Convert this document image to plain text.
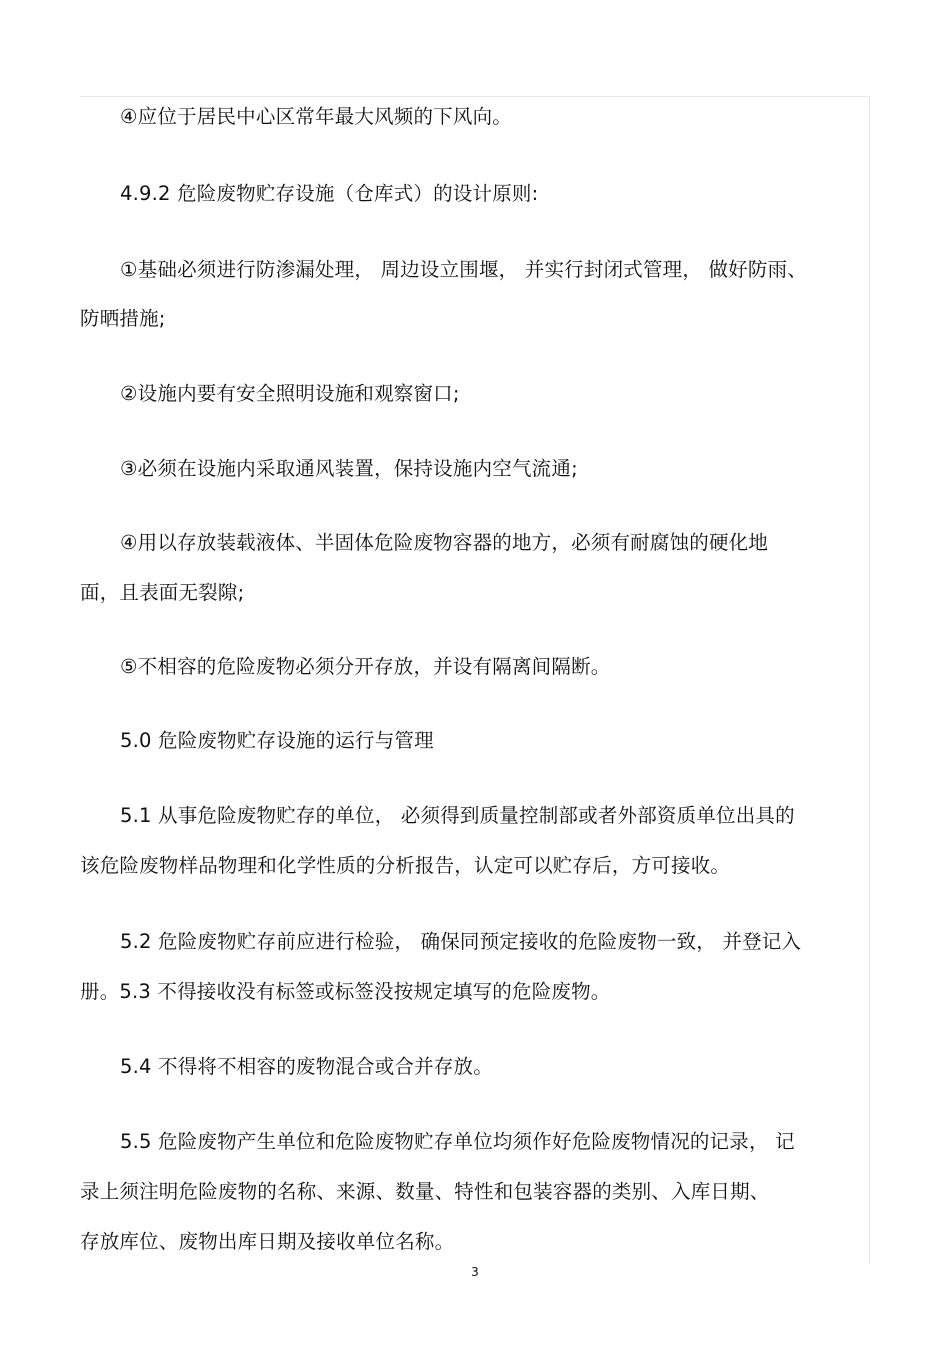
④应位于居民中心区常年最大风频的下风向。

4.9.2 危险废物贮存设施（仓库式）的设计原则:

①基础必须进行防渗漏处理， 周边设立围堰， 并实行封闭式管理， 做好防雨、

防晒措施;

②设施内要有安全照明设施和观察窗口;

③必须在设施内采取通风装置，保持设施内空气流通;

④用以存放装载液体、半固体危险废物容器的地方，必须有耐腐蚀的硬化地

面，且表面无裂隙;

⑤不相容的危险废物必须分开存放，并设有隔离间隔断。

5.0 危险废物贮存设施的运行与管理

5.1 从事危险废物贮存的单位， 必须得到质量控制部或者外部资质单位出具的

该危险废物样品物理和化学性质的分析报告，认定可以贮存后，方可接收。

5.2 危险废物贮存前应进行检验， 确保同预定接收的危险废物一致， 并登记入

册。5.3 不得接收没有标签或标签没按规定填写的危险废物。

5.4 不得将不相容的废物混合或合并存放。

5.5 危险废物产生单位和危险废物贮存单位均须作好危险废物情况的记录， 记

录上须注明危险废物的名称、来源、数量、特性和包装容器的类别、入库日期、

存放库位、废物出库日期及接收单位名称。

3
